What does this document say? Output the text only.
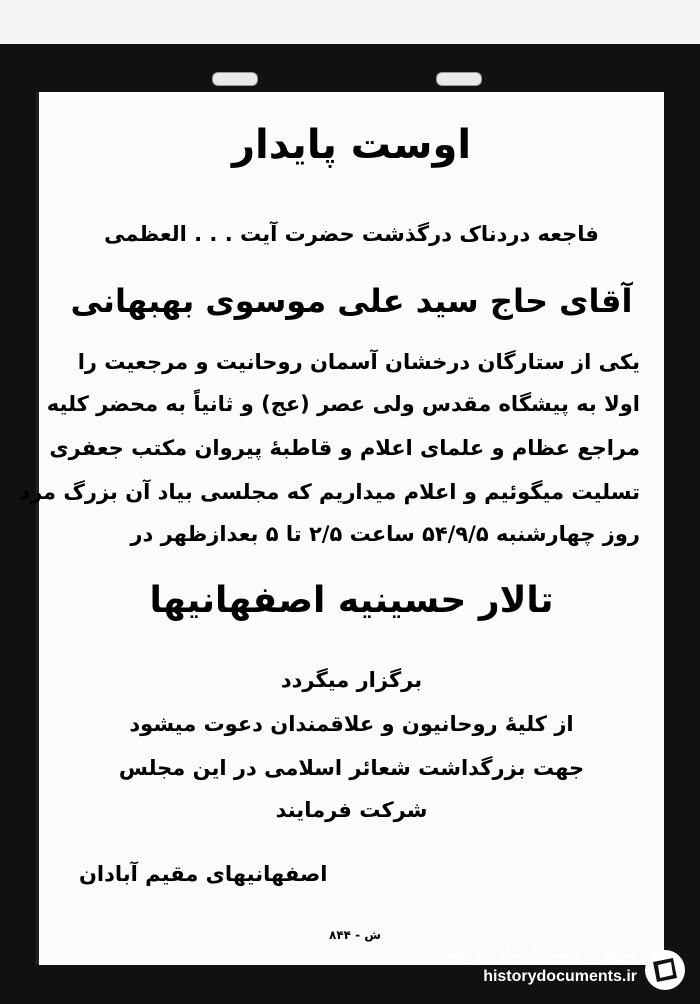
اوست پایدار
فاجعه دردناک درگذشت حضرت آیت . . . العظمی
آقای حاج سید علی موسوی بهبهانی
یکی از ستارگان درخشان آسمان روحانیت و مرجعیت را
اولا به پیشگاه مقدس ولی عصر (عج) و ثانیاً به محضر کلیه
مراجع عظام و علمای اعلام و قاطبهٔ پیروان مکتب جعفری
تسلیت میگوئیم و اعلام میداریم که مجلسی بیاد آن بزرگ مرد
روز چهارشنبه ۵۴/۹/۵ ساعت ۲/۵ تا ۵ بعدازظهر در
تالار حسینیه اصفهانیها
برگزار میگردد
از کلیهٔ روحانیون و علاقمندان دعوت میشود
جهت بزرگداشت شعائر اسلامی در این مجلس
شرکت فرمایند
اصفهانیهای مقیم آبادان
ش - ۸۴۴
مرکز بررسی اسناد تاریخی
historydocuments.ir
